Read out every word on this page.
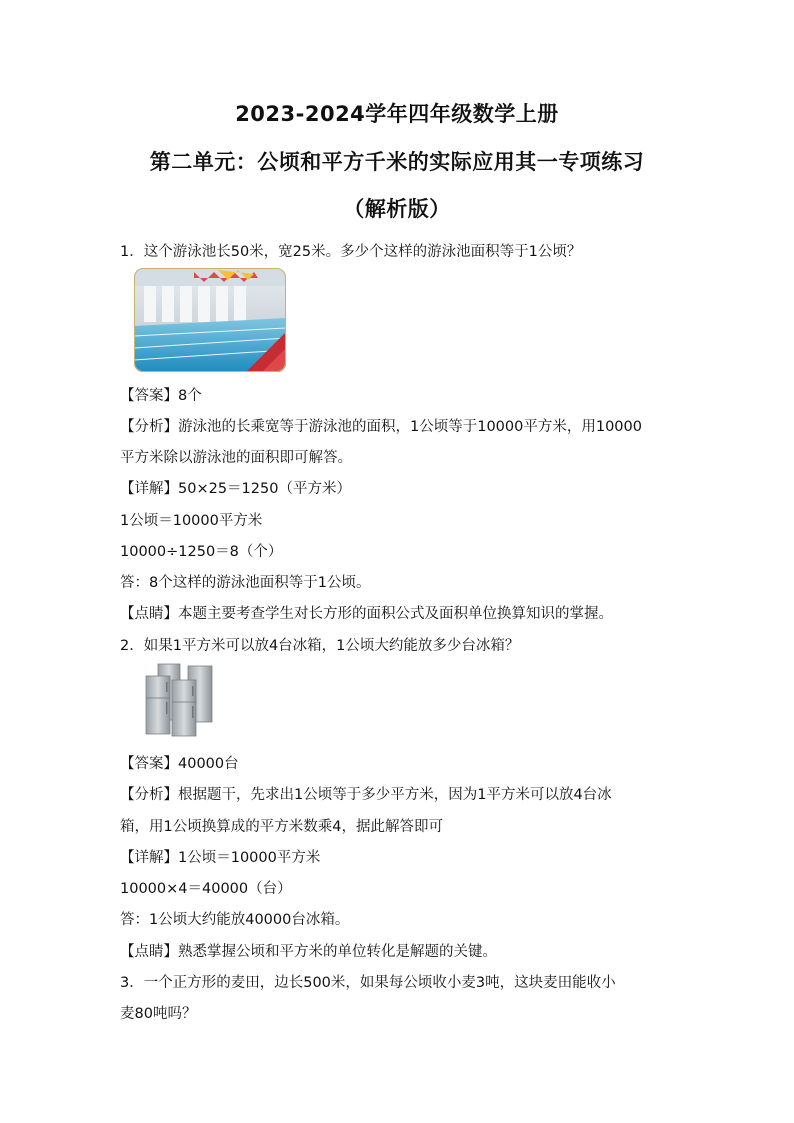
2023-2024学年四年级数学上册
第二单元：公顷和平方千米的实际应用其一专项练习
（解析版）
1．这个游泳池长50米，宽25米。多少个这样的游泳池面积等于1公顷？
【答案】8个
【分析】游泳池的长乘宽等于游泳池的面积，1公顷等于10000平方米，用10000
平方米除以游泳池的面积即可解答。
【详解】50×25＝1250（平方米）
1公顷＝10000平方米
10000÷1250＝8（个）
答：8个这样的游泳池面积等于1公顷。
【点睛】本题主要考查学生对长方形的面积公式及面积单位换算知识的掌握。
2．如果1平方米可以放4台冰箱，1公顷大约能放多少台冰箱？
【答案】40000台
【分析】根据题干，先求出1公顷等于多少平方米，因为1平方米可以放4台冰
箱，用1公顷换算成的平方米数乘4，据此解答即可
【详解】1公顷＝10000平方米
10000×4＝40000（台）
答：1公顷大约能放40000台冰箱。
【点睛】熟悉掌握公顷和平方米的单位转化是解题的关键。
3．一个正方形的麦田，边长500米，如果每公顷收小麦3吨，这块麦田能收小
麦80吨吗？
